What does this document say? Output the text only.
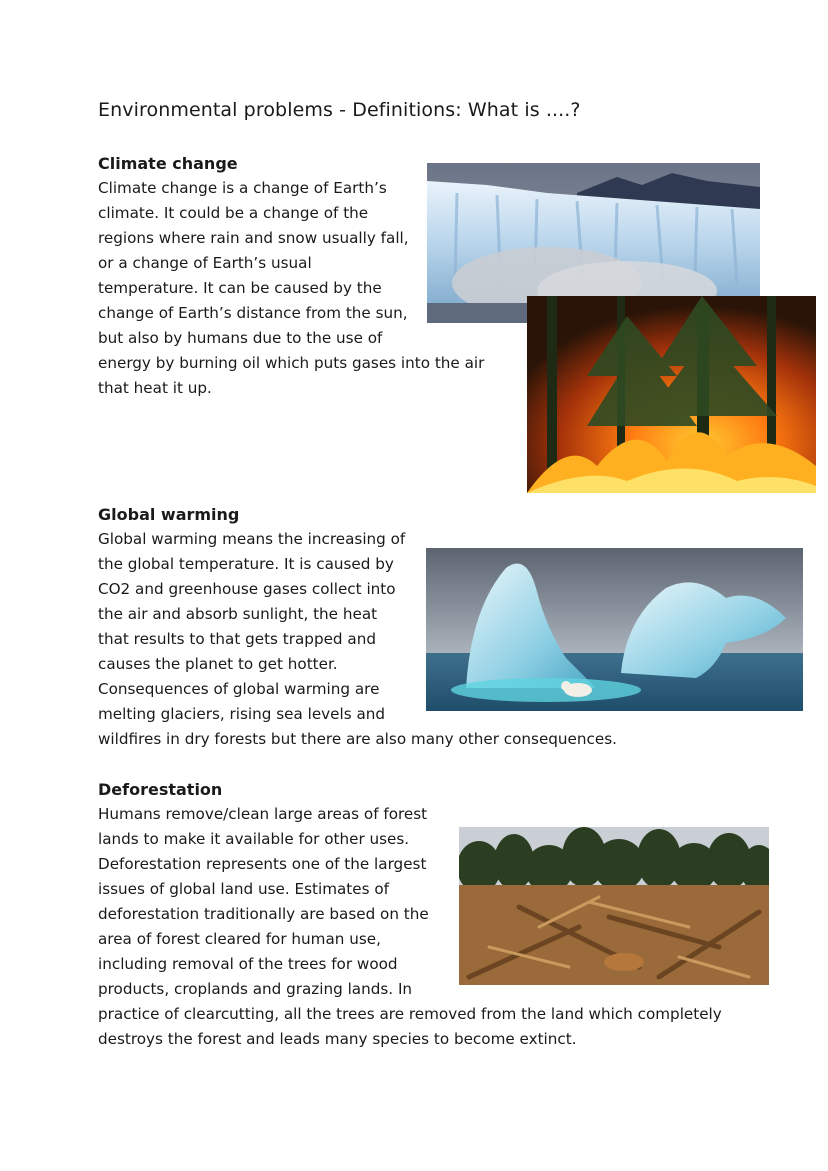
Environmental problems - Definitions: What is ....?
Climate change
Climate change is a change of Earth’s
climate. It could be a change of the
regions where rain and snow usually fall,
or a change of Earth’s usual
temperature. It can be caused by the
change of Earth’s distance from the sun,
but also by humans due to the use of
energy by burning oil which puts gases into the air
that heat it up.
Global warming
Global warming means the increasing of
the global temperature. It is caused by
CO2 and greenhouse gases collect into
the air and absorb sunlight, the heat
that results to that gets trapped and
causes the planet to get hotter.
Consequences of global warming are
melting glaciers, rising sea levels and
wildfires in dry forests but there are also many other consequences.
Deforestation
Humans remove/clean large areas of forest
lands to make it available for other uses.
Deforestation represents one of the largest
issues of global land use. Estimates of
deforestation traditionally are based on the
area of forest cleared for human use,
including removal of the trees for wood
products, croplands and grazing lands. In
practice of clearcutting, all the trees are removed from the land which completely
destroys the forest and leads many species to become extinct.
